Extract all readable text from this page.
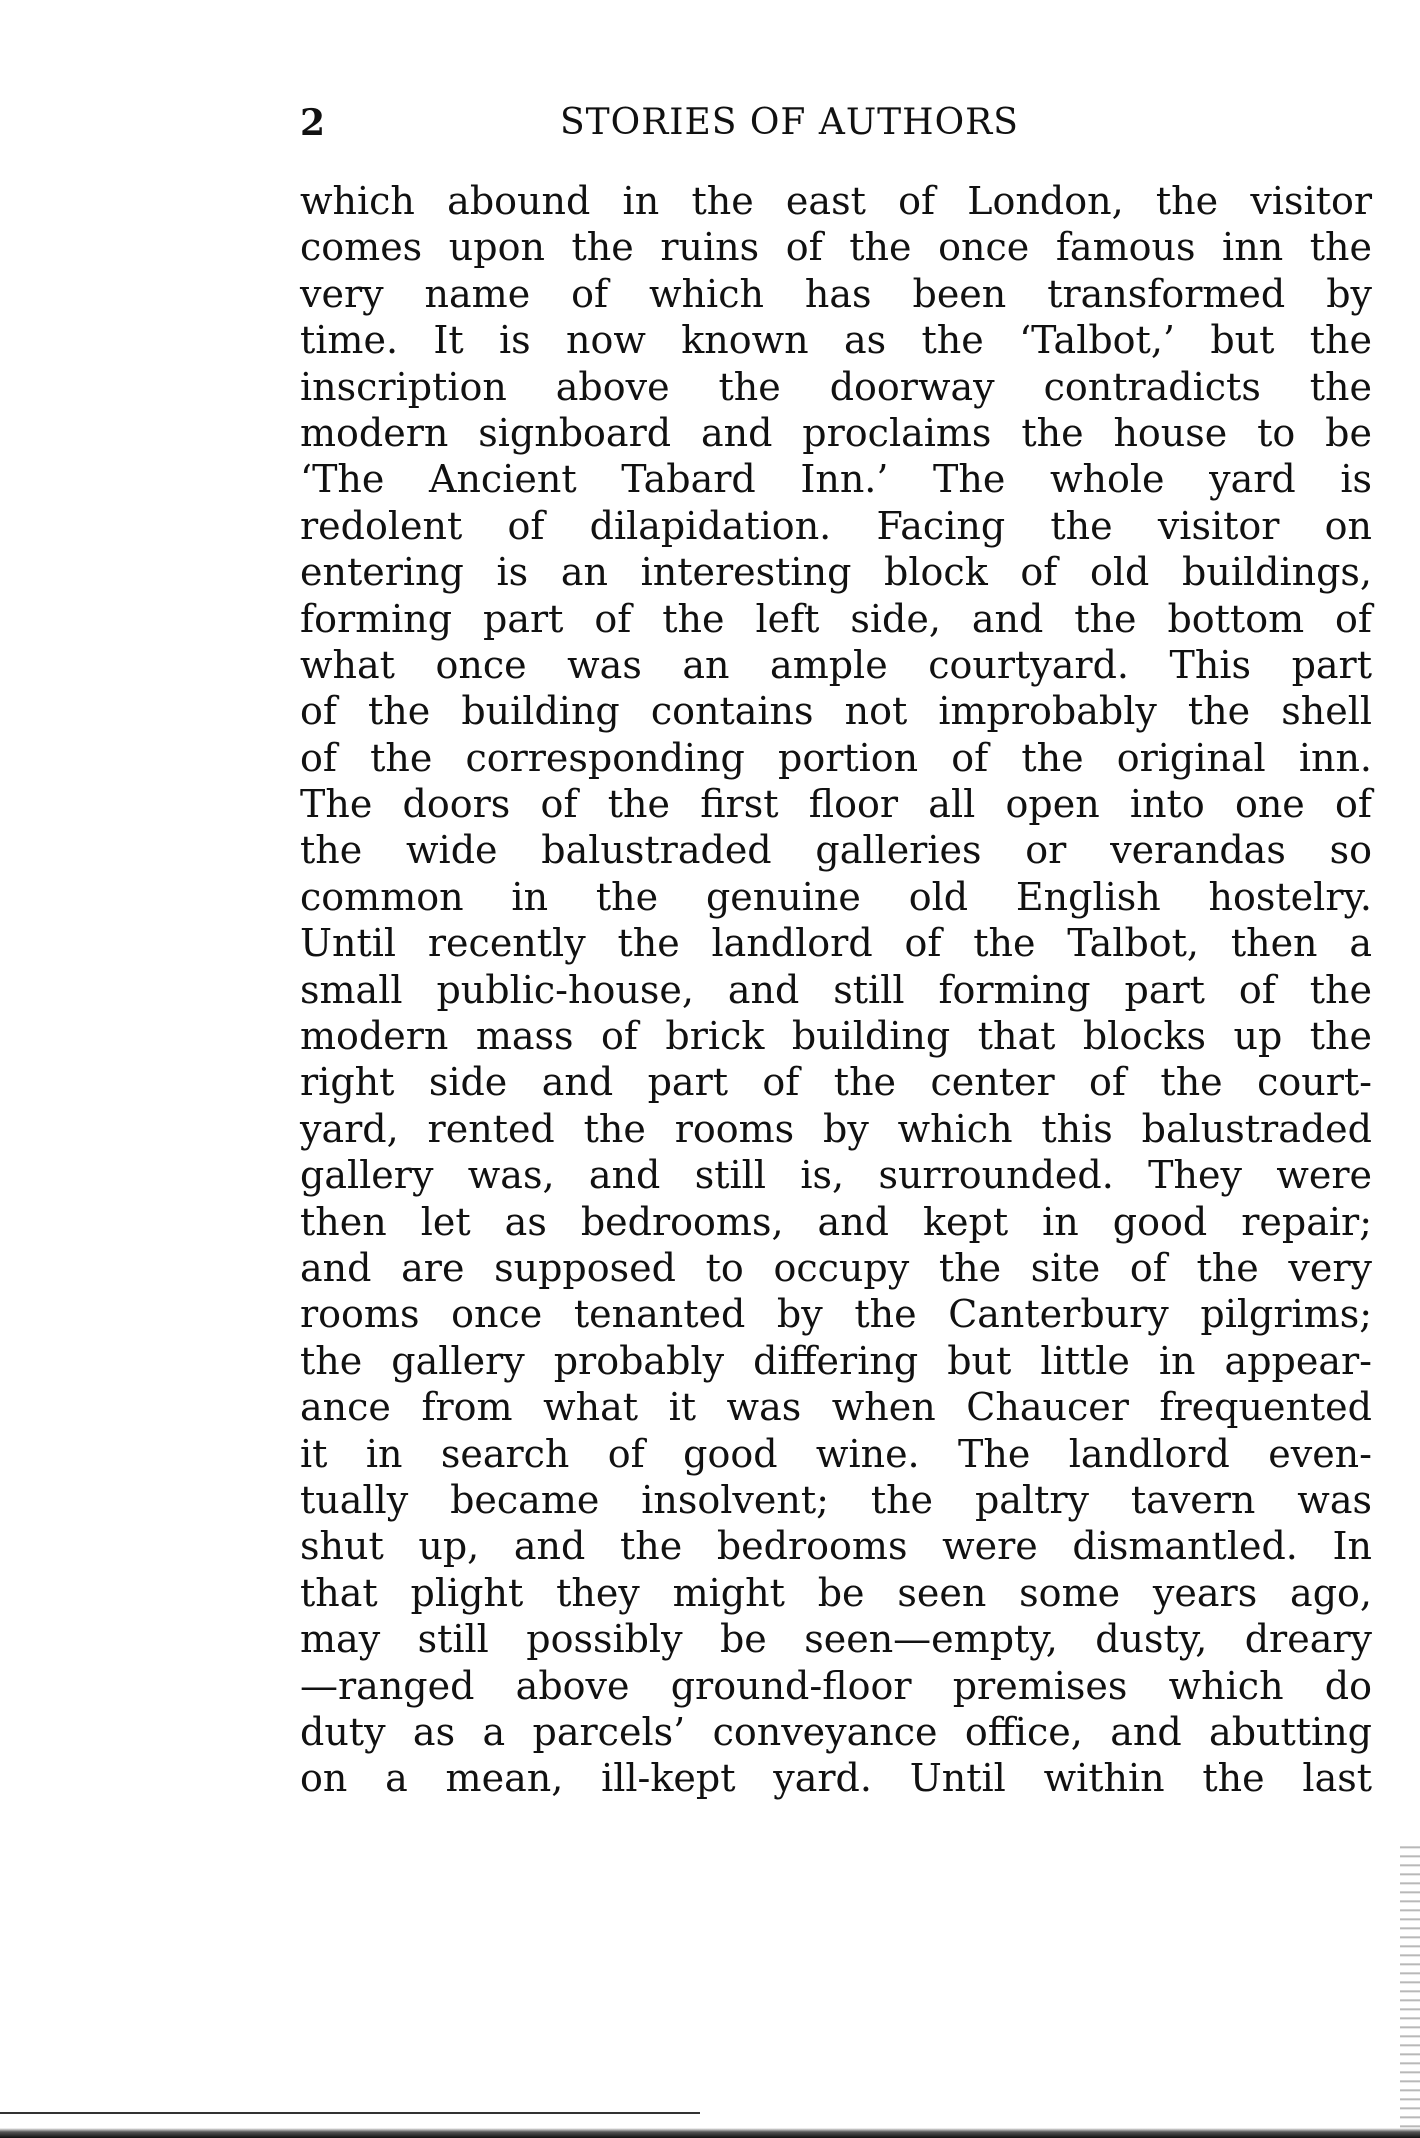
2	STORIES OF AUTHORS
which abound in the east of London, the visitor
comes upon the ruins of the once famous inn the
very name of which has been transformed by
time. It is now known as the ‘Talbot,’ but the
inscription above the doorway contradicts the
modern signboard and proclaims the house to be
‘The Ancient Tabard Inn.’ The whole yard is
redolent of dilapidation. Facing the visitor on
entering is an interesting block of old buildings,
forming part of the left side, and the bottom of
what once was an ample courtyard. This part
of the building contains not improbably the shell
of the corresponding portion of the original inn.
The doors of the first floor all open into one of
the wide balustraded galleries or verandas so
common in the genuine old English hostelry.
Until recently the landlord of the Talbot, then a
small public-house, and still forming part of the
modern mass of brick building that blocks up the
right side and part of the center of the court-
yard, rented the rooms by which this balustraded
gallery was, and still is, surrounded. They were
then let as bedrooms, and kept in good repair;
and are supposed to occupy the site of the very
rooms once tenanted by the Canterbury pilgrims;
the gallery probably differing but little in appear-
ance from what it was when Chaucer frequented
it in search of good wine. The landlord even-
tually became insolvent; the paltry tavern was
shut up, and the bedrooms were dismantled. In
that plight they might be seen some years ago,
may still possibly be seen—empty, dusty, dreary
—ranged above ground-floor premises which do
duty as a parcels’ conveyance office, and abutting
on a mean, ill-kept yard. Until within the last
